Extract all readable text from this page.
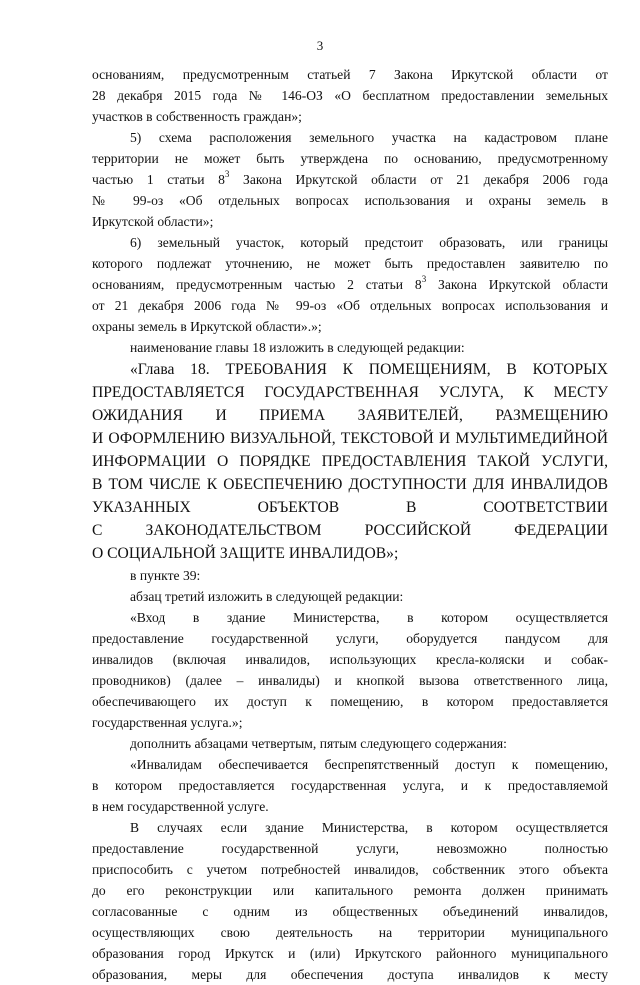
3
основаниям, предусмотренным статьей 7 Закона Иркутской области от
28 декабря 2015 года № 146-ОЗ «О бесплатном предоставлении земельных
участков в собственность граждан»;
5) схема расположения земельного участка на кадастровом плане
территории не может быть утверждена по основанию, предусмотренному
частью 1 статьи $8^3$ Закона Иркутской области от 21 декабря 2006 года
№ 99-оз «Об отдельных вопросах использования и охраны земель в
Иркутской области»;
6) земельный участок, который предстоит образовать, или границы
которого подлежат уточнению, не может быть предоставлен заявителю по
основаниям, предусмотренным частью 2 статьи $8^3$ Закона Иркутской области
от 21 декабря 2006 года № 99-оз «Об отдельных вопросах использования и
охраны земель в Иркутской области».»;
наименование главы 18 изложить в следующей редакции:
«Глава 18. ТРЕБОВАНИЯ К ПОМЕЩЕНИЯМ, В КОТОРЫХ
ПРЕДОСТАВЛЯЕТСЯ ГОСУДАРСТВЕННАЯ УСЛУГА, К МЕСТУ
ОЖИДАНИЯ И ПРИЕМА ЗАЯВИТЕЛЕЙ, РАЗМЕЩЕНИЮ
И ОФОРМЛЕНИЮ ВИЗУАЛЬНОЙ, ТЕКСТОВОЙ И МУЛЬТИМЕДИЙНОЙ
ИНФОРМАЦИИ О ПОРЯДКЕ ПРЕДОСТАВЛЕНИЯ ТАКОЙ УСЛУГИ,
В ТОМ ЧИСЛЕ К ОБЕСПЕЧЕНИЮ ДОСТУПНОСТИ ДЛЯ ИНВАЛИДОВ
УКАЗАННЫХ ОБЪЕКТОВ В СООТВЕТСТВИИ
С ЗАКОНОДАТЕЛЬСТВОМ РОССИЙСКОЙ ФЕДЕРАЦИИ
О СОЦИАЛЬНОЙ ЗАЩИТЕ ИНВАЛИДОВ»;
в пункте 39:
абзац третий изложить в следующей редакции:
«Вход в здание Министерства, в котором осуществляется
предоставление государственной услуги, оборудуется пандусом для
инвалидов (включая инвалидов, использующих кресла-коляски и собак-
проводников) (далее – инвалиды) и кнопкой вызова ответственного лица,
обеспечивающего их доступ к помещению, в котором предоставляется
государственная услуга.»;
дополнить абзацами четвертым, пятым следующего содержания:
«Инвалидам обеспечивается беспрепятственный доступ к помещению,
в котором предоставляется государственная услуга, и к предоставляемой
в нем государственной услуге.
В случаях если здание Министерства, в котором осуществляется
предоставление государственной услуги, невозможно полностью
приспособить с учетом потребностей инвалидов, собственник этого объекта
до его реконструкции или капитального ремонта должен принимать
согласованные с одним из общественных объединений инвалидов,
осуществляющих свою деятельность на территории муниципального
образования город Иркутск и (или) Иркутского районного муниципального
образования, меры для обеспечения доступа инвалидов к месту
